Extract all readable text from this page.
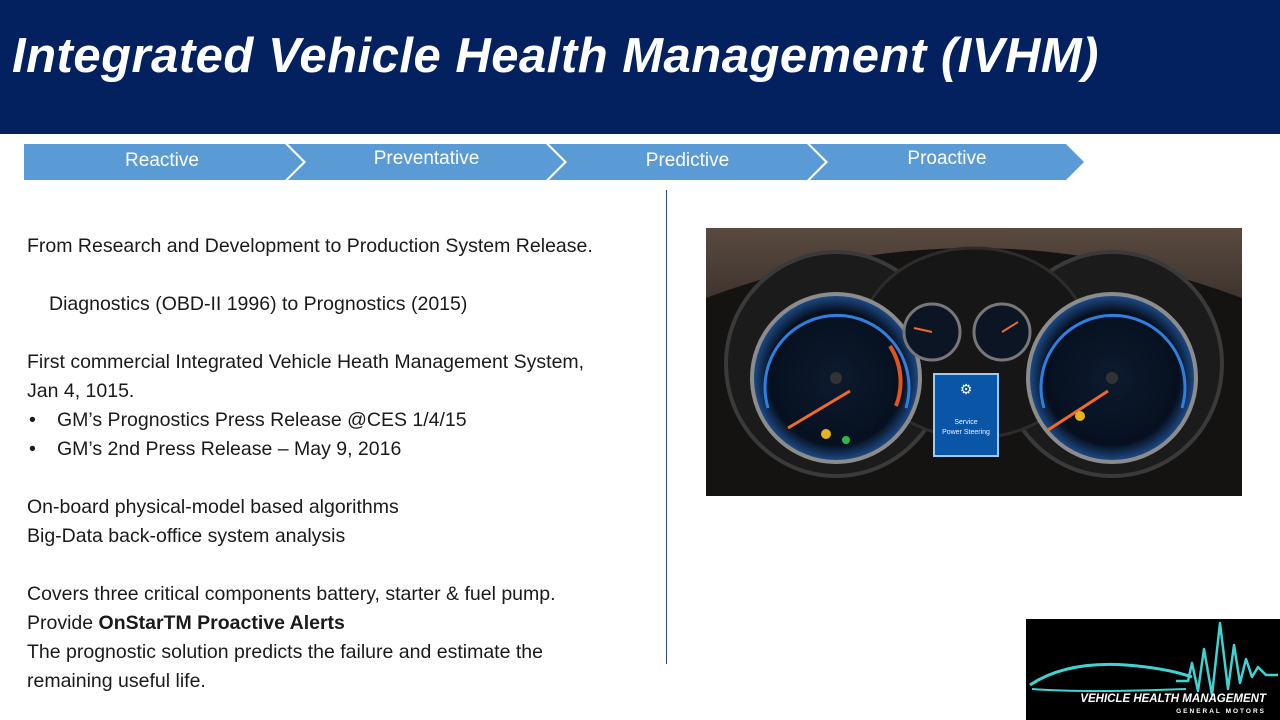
Integrated Vehicle Health Management (IVHM)
Reactive	Preventative	Predictive	Proactive
From Research and Development to Production System Release.
Diagnostics (OBD-II 1996) to Prognostics (2015)
First commercial Integrated Vehicle Heath Management System,
Jan 4, 1015.
• GM’s Prognostics Press Release @CES 1/4/15
• GM’s 2nd Press Release – May 9, 2016
On-board physical-model based algorithms
Big-Data back-office system analysis
Covers three critical components battery, starter & fuel pump.
Provide OnStarTM Proactive Alerts
The prognostic solution predicts the failure and estimate the
remaining useful life.
⚙
Service
Power Steering
VEHICLE HEALTH MANAGEMENT
GENERAL MOTORS
